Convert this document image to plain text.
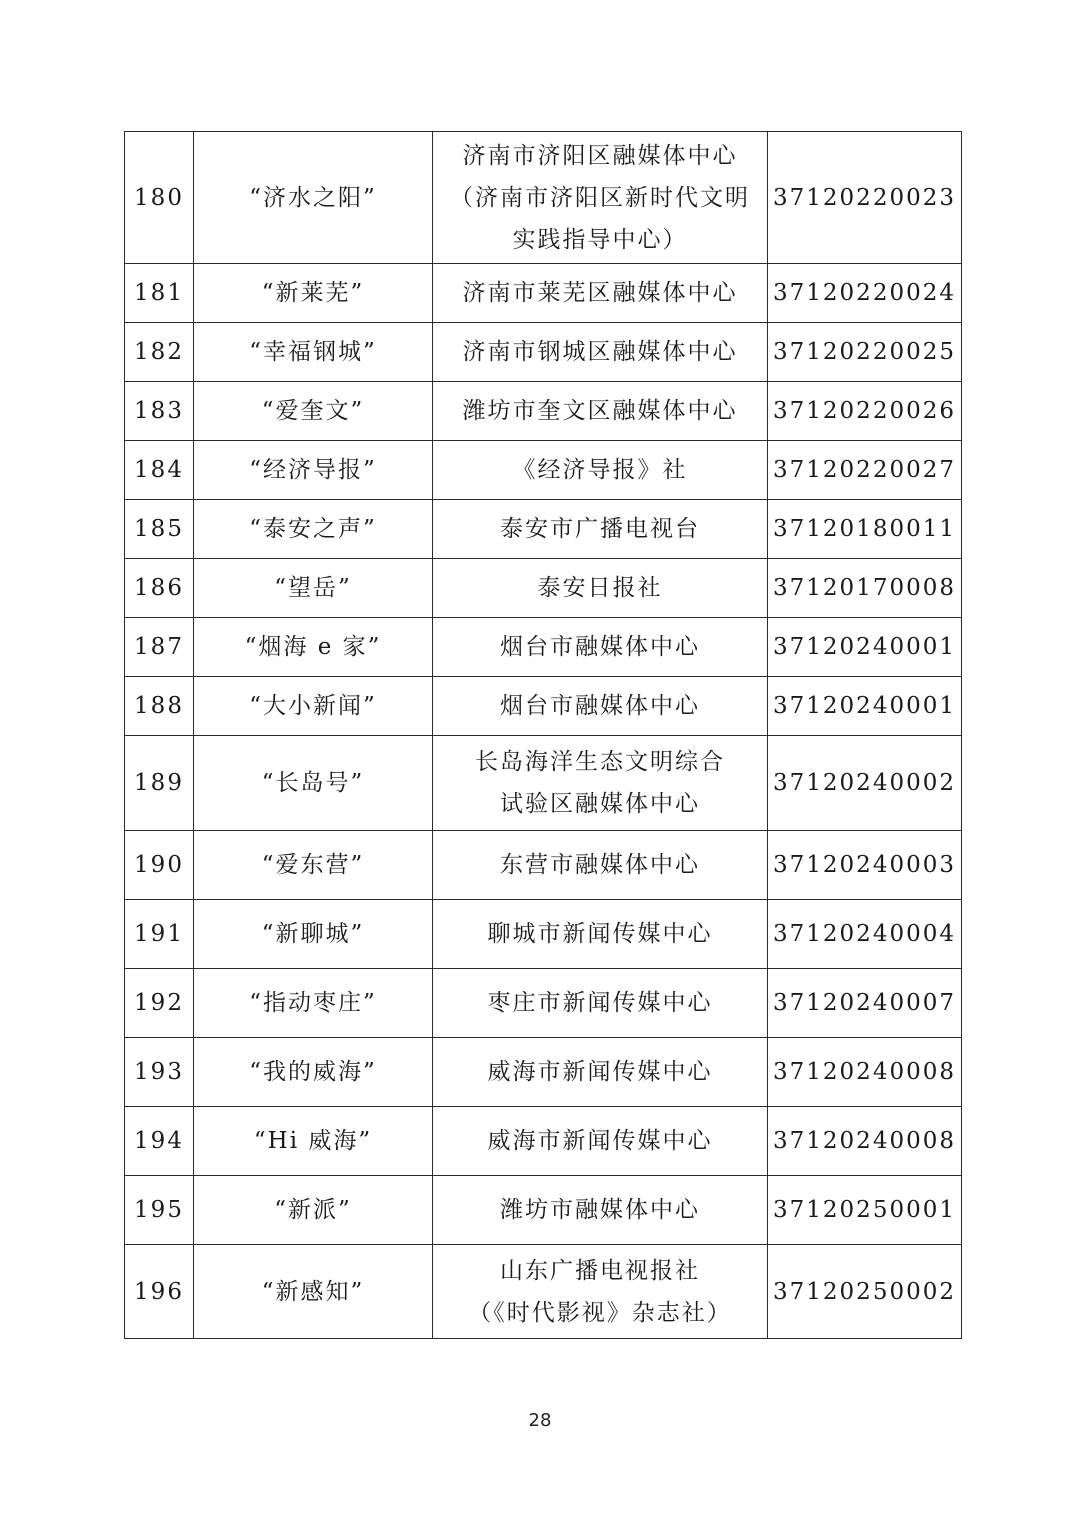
180	“济水之阳”	济南市济阳区融媒体中心
（济南市济阳区新时代文明
实践指导中心）	37120220023
181	“新莱芜”	济南市莱芜区融媒体中心	37120220024
182	“幸福钢城”	济南市钢城区融媒体中心	37120220025
183	“爱奎文”	潍坊市奎文区融媒体中心	37120220026
184	“经济导报”	《经济导报》社	37120220027
185	“泰安之声”	泰安市广播电视台	37120180011
186	“望岳”	泰安日报社	37120170008
187	“烟海 e 家”	烟台市融媒体中心	37120240001
188	“大小新闻”	烟台市融媒体中心	37120240001
189	“长岛号”	长岛海洋生态文明综合
试验区融媒体中心	37120240002
190	“爱东营”	东营市融媒体中心	37120240003
191	“新聊城”	聊城市新闻传媒中心	37120240004
192	“指动枣庄”	枣庄市新闻传媒中心	37120240007
193	“我的威海”	威海市新闻传媒中心	37120240008
194	“Hi 威海”	威海市新闻传媒中心	37120240008
195	“新派”	潍坊市融媒体中心	37120250001
196	“新感知”	山东广播电视报社
（《时代影视》杂志社）	37120250002
28
